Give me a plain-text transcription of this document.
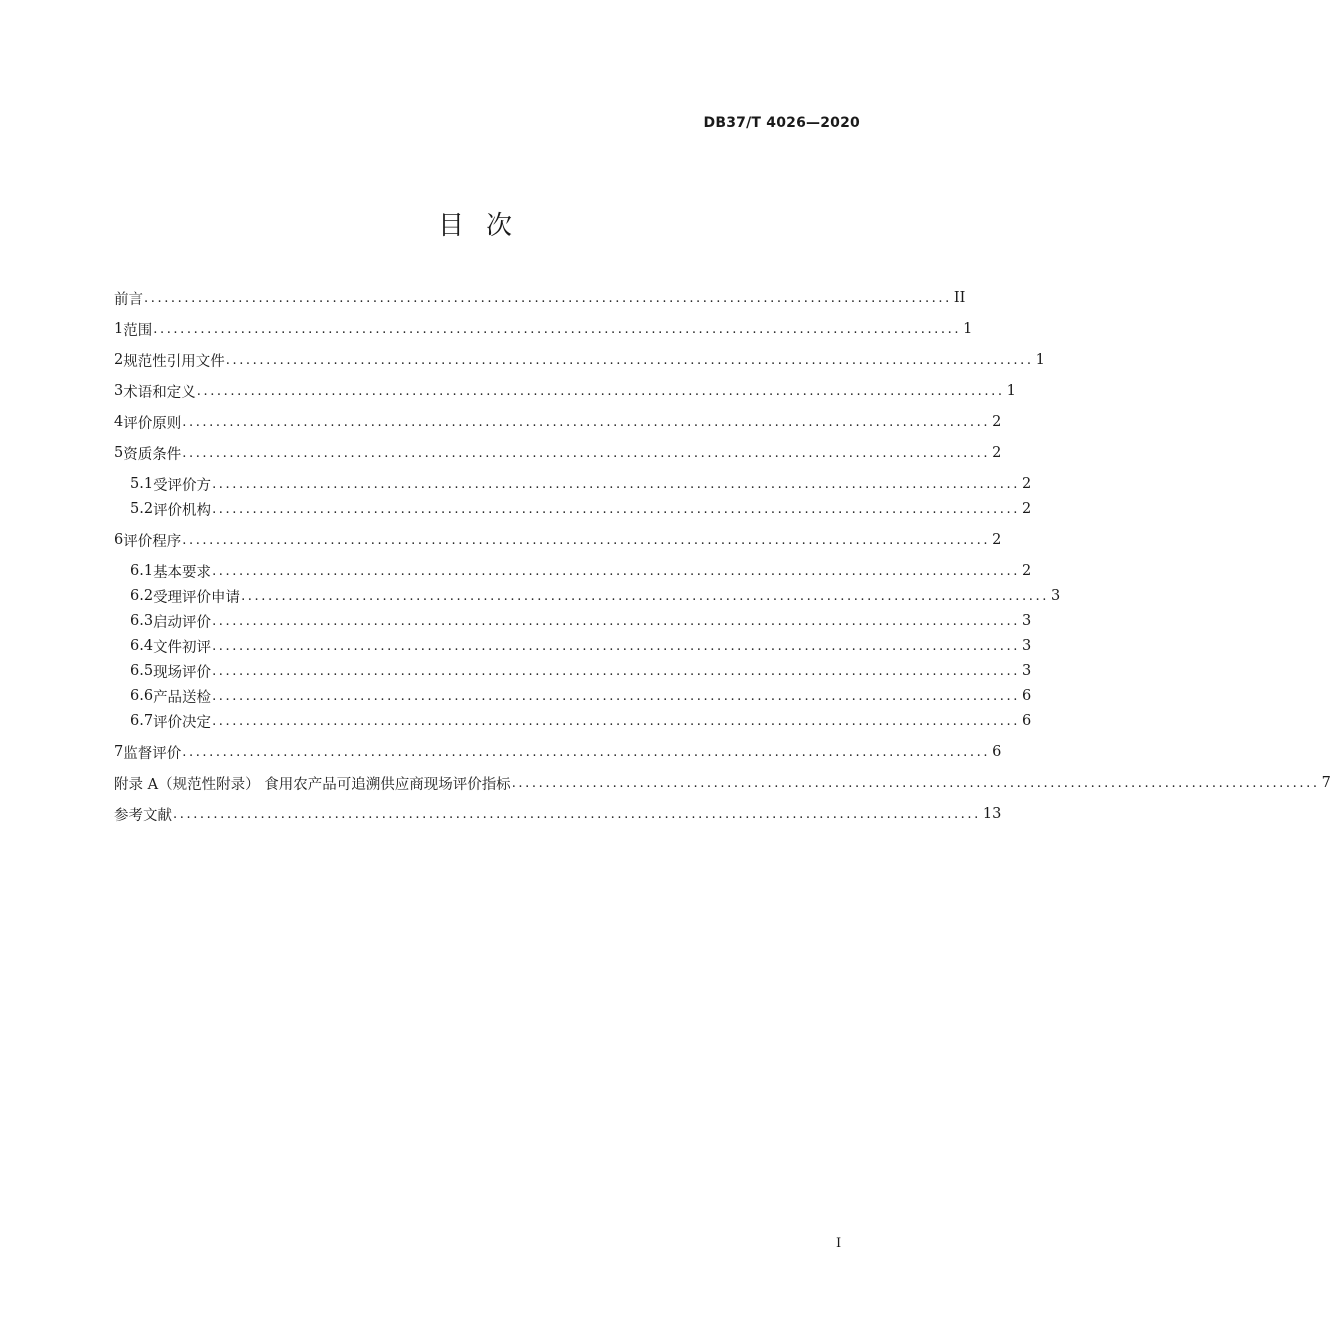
DB37/T 4026—2020
目次
前言 ........................................................................................................................ II
1 范围 ........................................................................................................................ 1
2 规范性引用文件 ........................................................................................................................ 1
3 术语和定义 ........................................................................................................................ 1
4 评价原则 ........................................................................................................................ 2
5 资质条件 ........................................................................................................................ 2
5.1 受评价方 ........................................................................................................................ 2
5.2 评价机构 ........................................................................................................................ 2
6 评价程序 ........................................................................................................................ 2
6.1 基本要求 ........................................................................................................................ 2
6.2 受理评价申请 ........................................................................................................................ 3
6.3 启动评价 ........................................................................................................................ 3
6.4 文件初评 ........................................................................................................................ 3
6.5 现场评价 ........................................................................................................................ 3
6.6 产品送检 ........................................................................................................................ 6
6.7 评价决定 ........................................................................................................................ 6
7 监督评价 ........................................................................................................................ 6
附录 A（规范性附录） 食用农产品可追溯供应商现场评价指标 ........................................................................................................................ 7
参考文献 ........................................................................................................................ 13
I
